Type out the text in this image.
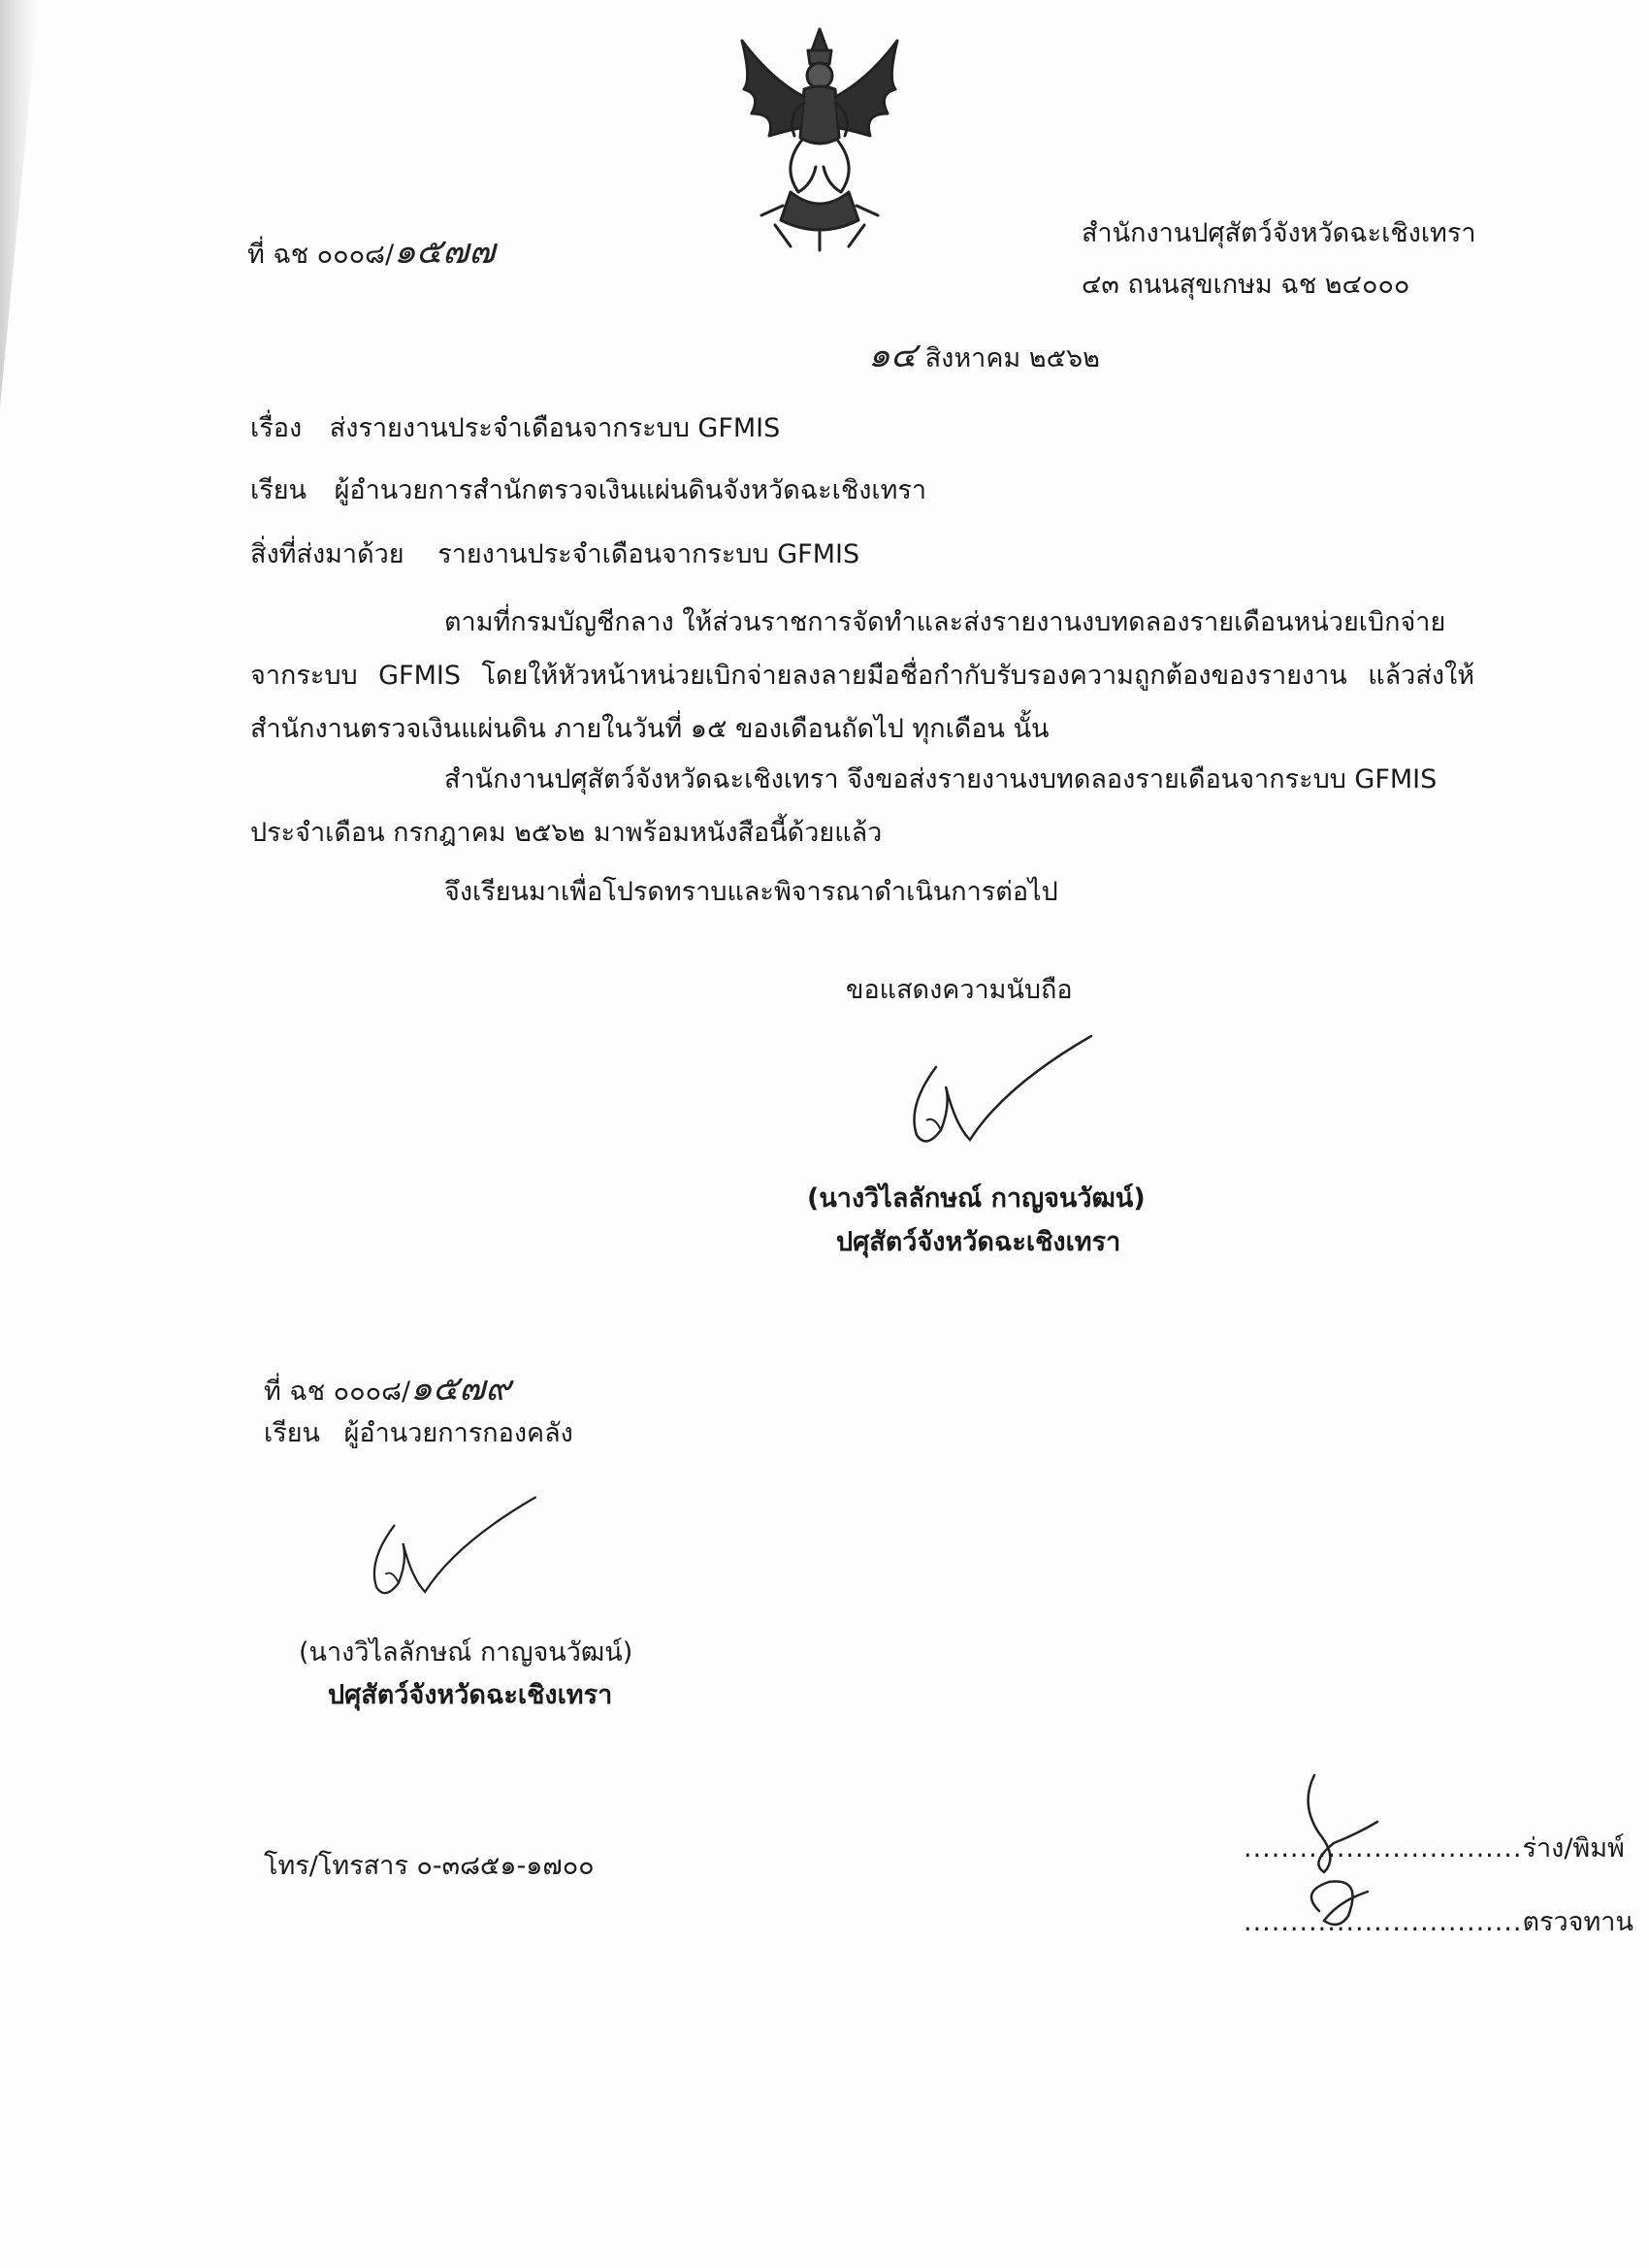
ที่ ฉช ๐๐๐๘/๑๕๗๗	สำนักงานปศุสัตว์จังหวัดฉะเชิงเทรา
๔๓ ถนนสุขเกษม ฉช ๒๔๐๐๐
๑๔ สิงหาคม ๒๕๖๒
เรื่อง ส่งรายงานประจำเดือนจากระบบ GFMIS
เรียน ผู้อำนวยการสำนักตรวจเงินแผ่นดินจังหวัดฉะเชิงเทรา
สิ่งที่ส่งมาด้วย รายงานประจำเดือนจากระบบ GFMIS

ตามที่กรมบัญชีกลาง ให้ส่วนราชการจัดทำและส่งรายงานงบทดลองรายเดือนหน่วยเบิกจ่าย

จากระบบ GFMIS โดยให้หัวหน้าหน่วยเบิกจ่ายลงลายมือชื่อกำกับรับรองความถูกต้องของรายงาน แล้วส่งให้สำนักงานตรวจเงินแผ่นดิน ภายในวันที่ ๑๕ ของเดือนถัดไป ทุกเดือน นั้น

สำนักงานปศุสัตว์จังหวัดฉะเชิงเทรา จึงขอส่งรายงานงบทดลองรายเดือนจากระบบ GFMIS

ประจำเดือน กรกฎาคม ๒๕๖๒ มาพร้อมหนังสือนี้ด้วยแล้ว

จึงเรียนมาเพื่อโปรดทราบและพิจารณาดำเนินการต่อไป
ขอแสดงความนับถือ
(นางวิไลลักษณ์ กาญจนวัฒน์)
ปศุสัตว์จังหวัดฉะเชิงเทรา
ที่ ฉช ๐๐๐๘/๑๕๗๙
เรียน ผู้อำนวยการกองคลัง
(นางวิไลลักษณ์ กาญจนวัฒน์)
ปศุสัตว์จังหวัดฉะเชิงเทรา
โทร/โทรสาร ๐-๓๘๕๑-๑๗๐๐
..............................ร่าง/พิมพ์
..............................ตรวจทาน
